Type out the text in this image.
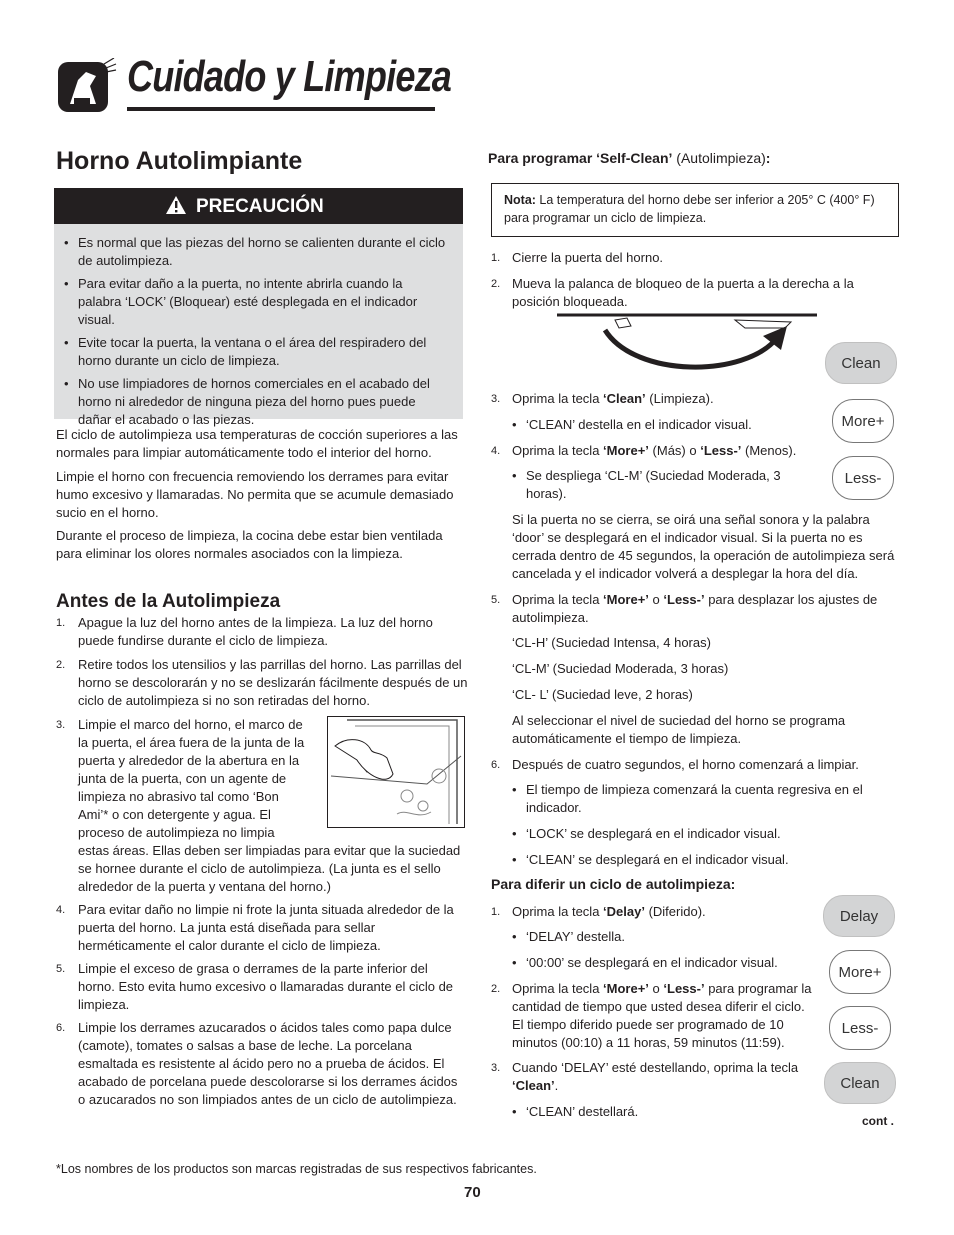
Cuidado y Limpieza
Horno Autolimpiante
PRECAUCIÓN
• Es normal que las piezas del horno se calienten durante el ciclo de autolimpieza.
• Para evitar daño a la puerta, no intente abrirla cuando la palabra ‘LOCK’ (Bloquear) esté desplegada en el indicador visual.
• Evite tocar la puerta, la ventana o el área del respiradero del horno durante un ciclo de limpieza.
• No use limpiadores de hornos comerciales en el acabado del horno ni alrededor de ninguna pieza del horno pues puede dañar el acabado o las piezas.
El ciclo de autolimpieza usa temperaturas de cocción superiores a las normales para limpiar automáticamente todo el interior del horno.
Limpie el horno con frecuencia removiendo los derrames para evitar humo excesivo y llamaradas. No permita que se acumule demasiado sucio en el horno.
Durante el proceso de limpieza, la cocina debe estar bien ventilada para eliminar los olores normales asociados con la limpieza.
Antes de la Autolimpieza
1. Apague la luz del horno antes de la limpieza. La luz del horno puede fundirse durante el ciclo de limpieza.
2. Retire todos los utensilios y las parrillas del horno. Las parrillas del horno se descolorarán y no se deslizarán fácilmente después de un ciclo de autolimpieza si no son retiradas del horno.
3. Limpie el marco del horno, el marco de la puerta, el área fuera de la junta de la puerta y alrededor de la abertura en la junta de la puerta, con un agente de limpieza no abrasivo tal como ‘Bon Ami’* o con detergente y agua. El proceso de autolimpieza no limpia estas áreas. Ellas deben ser limpiadas para evitar que la suciedad se hornee durante el ciclo de autolimpieza. (La junta es el sello alrededor de la puerta y ventana del horno.)
4. Para evitar daño no limpie ni frote la junta situada alrededor de la puerta del horno. La junta está diseñada para sellar herméticamente el calor durante el ciclo de limpieza.
5. Limpie el exceso de grasa o derrames de la parte inferior del horno. Esto evita humo excesivo o llamaradas durante el ciclo de limpieza.
6. Limpie los derrames azucarados o ácidos tales como papa dulce (camote), tomates o salsas a base de leche. La porcelana esmaltada es resistente al ácido pero no a prueba de ácidos. El acabado de porcelana puede descolorarse si los derrames ácidos o azucarados no son limpiados antes de un ciclo de autolimpieza.
Para programar ‘Self-Clean’ (Autolimpieza):
Nota: La temperatura del horno debe ser inferior a 205° C (400° F) para programar un ciclo de limpieza.
1. Cierre la puerta del horno.
2. Mueva la palanca de bloqueo de la puerta a la derecha a la posición bloqueada.
3. Oprima la tecla ‘Clean’ (Limpieza).
• ‘CLEAN’ destella en el indicador visual.
4. Oprima la tecla ‘More+’ (Más) o ‘Less-’ (Menos).
• Se despliega ‘CL-M’ (Suciedad Moderada, 3 horas).
Si la puerta no se cierra, se oirá una señal sonora y la palabra ‘door’ se desplegará en el indicador visual. Si la puerta no es cerrada dentro de 45 segundos, la operación de autolimpieza será cancelada y el indicador volverá a desplegar la hora del día.
5. Oprima la tecla ‘More+’ o ‘Less-’ para desplazar los ajustes de autolimpieza.
‘CL-H’ (Suciedad Intensa, 4 horas)
‘CL-M’ (Suciedad Moderada, 3 horas)
‘CL- L’ (Suciedad leve, 2 horas)
Al seleccionar el nivel de suciedad del horno se programa automáticamente el tiempo de limpieza.
6. Después de cuatro segundos, el horno comenzará a limpiar.
• El tiempo de limpieza comenzará la cuenta regresiva en el indicador.
• ‘LOCK’ se desplegará en el indicador visual.
• ‘CLEAN’ se desplegará en el indicador visual.
Clean
More+
Less-
Para diferir un ciclo de autolimpieza:
1. Oprima la tecla ‘Delay’ (Diferido).
• ‘DELAY’ destella.
• ‘00:00’ se desplegará en el indicador visual.
2. Oprima la tecla ‘More+’ o ‘Less-’ para programar la cantidad de tiempo que usted desea diferir el ciclo. El tiempo diferido puede ser programado de 10 minutos (00:10) a 11 horas, 59 minutos (11:59).
3. Cuando ‘DELAY’ esté destellando, oprima la tecla ‘Clean’.
• ‘CLEAN’ destellará.
Delay
More+
Less-
Clean
cont .
*Los nombres de los productos son marcas registradas de sus respectivos fabricantes.
70
